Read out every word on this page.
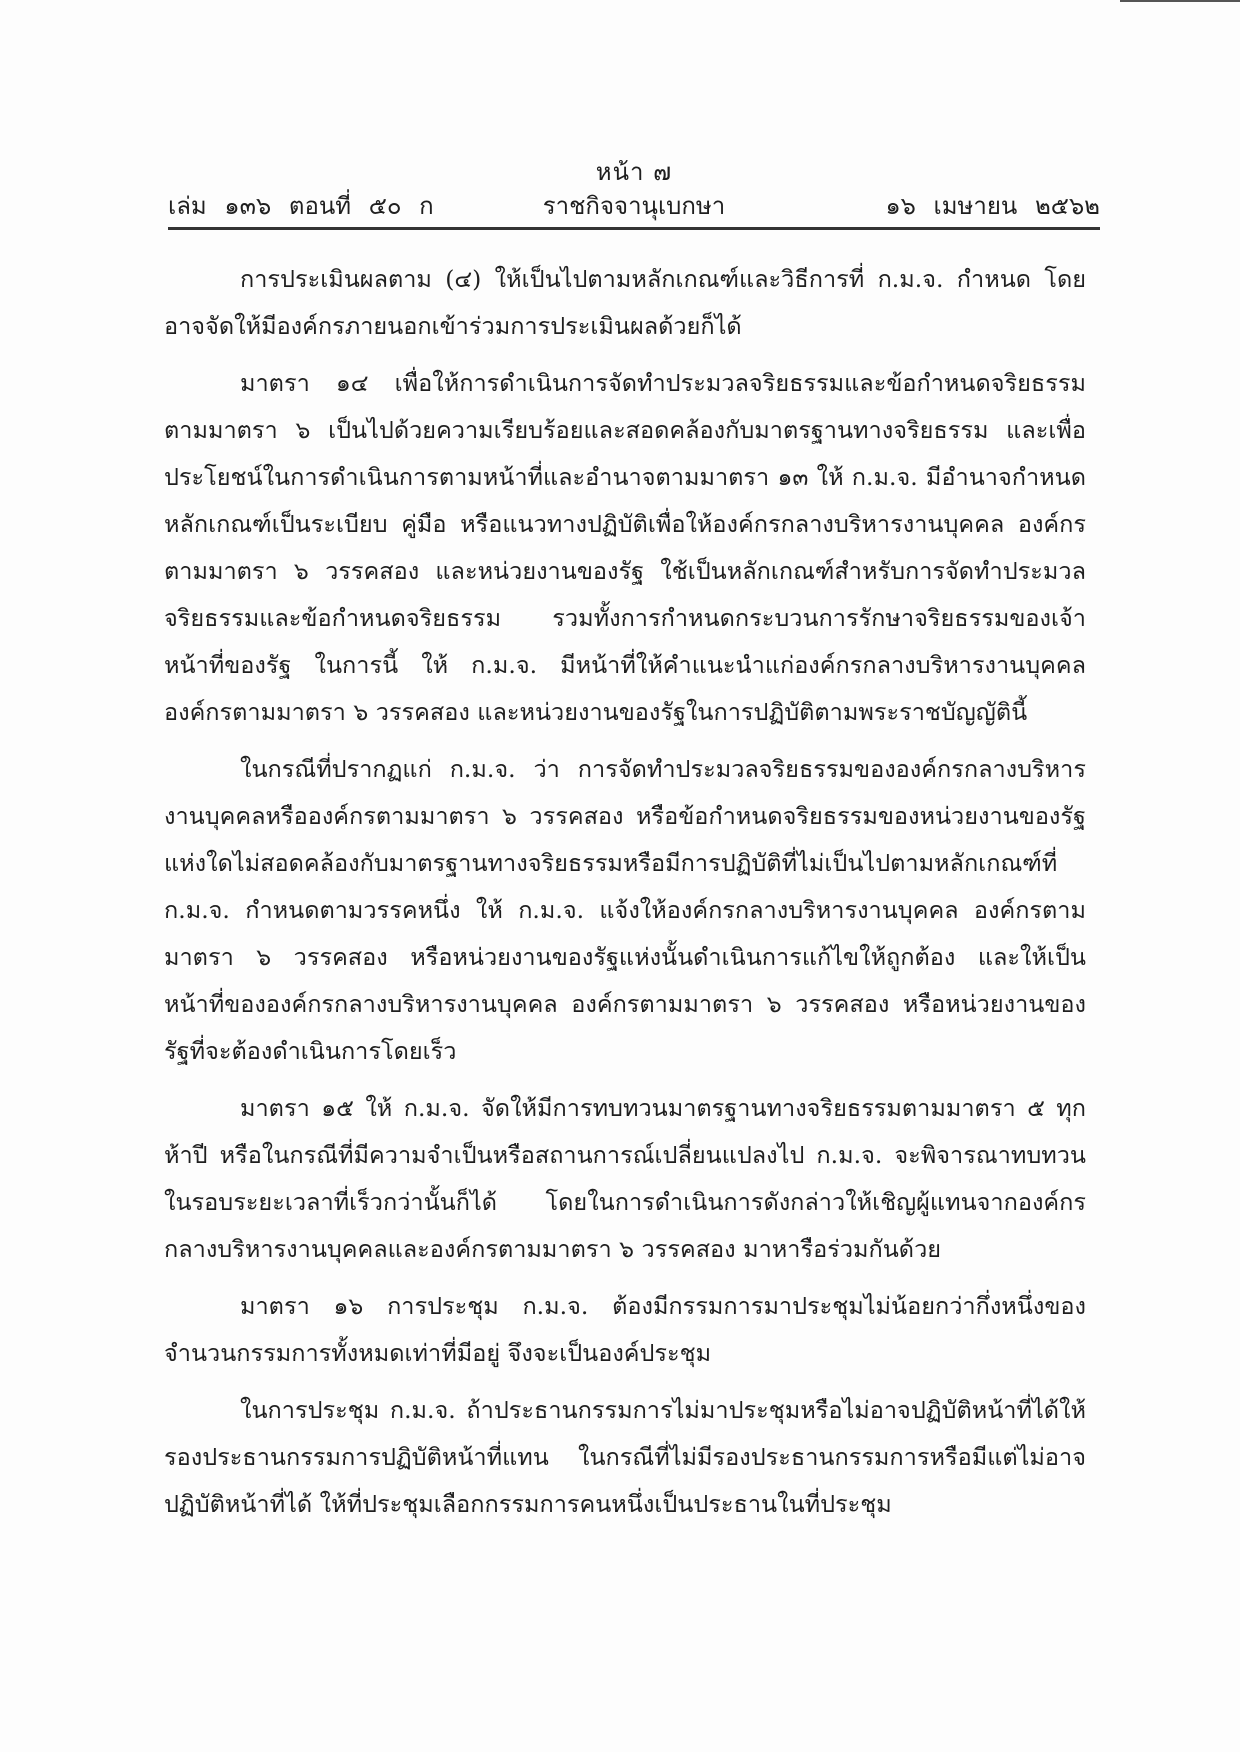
หน้า ๗
เล่ม ๑๓๖ ตอนที่ ๕๐ ก	ราชกิจจานุเบกษา	๑๖ เมษายน ๒๕๖๒

การประเมินผลตาม (๔) ให้เป็นไปตามหลักเกณฑ์และวิธีการที่ ก.ม.จ. กำหนด โดยอาจจัดให้มีองค์กรภายนอกเข้าร่วมการประเมินผลด้วยก็ได้

มาตรา ๑๔ เพื่อให้การดำเนินการจัดทำประมวลจริยธรรมและข้อกำหนดจริยธรรมตามมาตรา ๖ เป็นไปด้วยความเรียบร้อยและสอดคล้องกับมาตรฐานทางจริยธรรม และเพื่อประโยชน์ในการดำเนินการตามหน้าที่และอำนาจตามมาตรา ๑๓ ให้ ก.ม.จ. มีอำนาจกำหนดหลักเกณฑ์เป็นระเบียบ คู่มือ หรือแนวทางปฏิบัติเพื่อให้องค์กรกลางบริหารงานบุคคล องค์กรตามมาตรา ๖ วรรคสอง และหน่วยงานของรัฐ ใช้เป็นหลักเกณฑ์สำหรับการจัดทำประมวลจริยธรรมและข้อกำหนดจริยธรรม รวมทั้งการกำหนดกระบวนการรักษาจริยธรรมของเจ้าหน้าที่ของรัฐ ในการนี้ ให้ ก.ม.จ. มีหน้าที่ให้คำแนะนำแก่องค์กรกลางบริหารงานบุคคล องค์กรตามมาตรา ๖ วรรคสอง และหน่วยงานของรัฐในการปฏิบัติตามพระราชบัญญัตินี้

ในกรณีที่ปรากฏแก่ ก.ม.จ. ว่า การจัดทำประมวลจริยธรรมขององค์กรกลางบริหารงานบุคคลหรือองค์กรตามมาตรา ๖ วรรคสอง หรือข้อกำหนดจริยธรรมของหน่วยงานของรัฐแห่งใดไม่สอดคล้องกับมาตรฐานทางจริยธรรมหรือมีการปฏิบัติที่ไม่เป็นไปตามหลักเกณฑ์ที่ ก.ม.จ. กำหนดตามวรรคหนึ่ง ให้ ก.ม.จ. แจ้งให้องค์กรกลางบริหารงานบุคคล องค์กรตามมาตรา ๖ วรรคสอง หรือหน่วยงานของรัฐแห่งนั้นดำเนินการแก้ไขให้ถูกต้อง และให้เป็นหน้าที่ขององค์กรกลางบริหารงานบุคคล องค์กรตามมาตรา ๖ วรรคสอง หรือหน่วยงานของรัฐที่จะต้องดำเนินการโดยเร็ว

มาตรา ๑๕ ให้ ก.ม.จ. จัดให้มีการทบทวนมาตรฐานทางจริยธรรมตามมาตรา ๕ ทุกห้าปี หรือในกรณีที่มีความจำเป็นหรือสถานการณ์เปลี่ยนแปลงไป ก.ม.จ. จะพิจารณาทบทวนในรอบระยะเวลาที่เร็วกว่านั้นก็ได้ โดยในการดำเนินการดังกล่าวให้เชิญผู้แทนจากองค์กรกลางบริหารงานบุคคลและองค์กรตามมาตรา ๖ วรรคสอง มาหารือร่วมกันด้วย

มาตรา ๑๖ การประชุม ก.ม.จ. ต้องมีกรรมการมาประชุมไม่น้อยกว่ากึ่งหนึ่งของจำนวนกรรมการทั้งหมดเท่าที่มีอยู่ จึงจะเป็นองค์ประชุม

ในการประชุม ก.ม.จ. ถ้าประธานกรรมการไม่มาประชุมหรือไม่อาจปฏิบัติหน้าที่ได้ให้รองประธานกรรมการปฏิบัติหน้าที่แทน ในกรณีที่ไม่มีรองประธานกรรมการหรือมีแต่ไม่อาจปฏิบัติหน้าที่ได้ ให้ที่ประชุมเลือกกรรมการคนหนึ่งเป็นประธานในที่ประชุม
